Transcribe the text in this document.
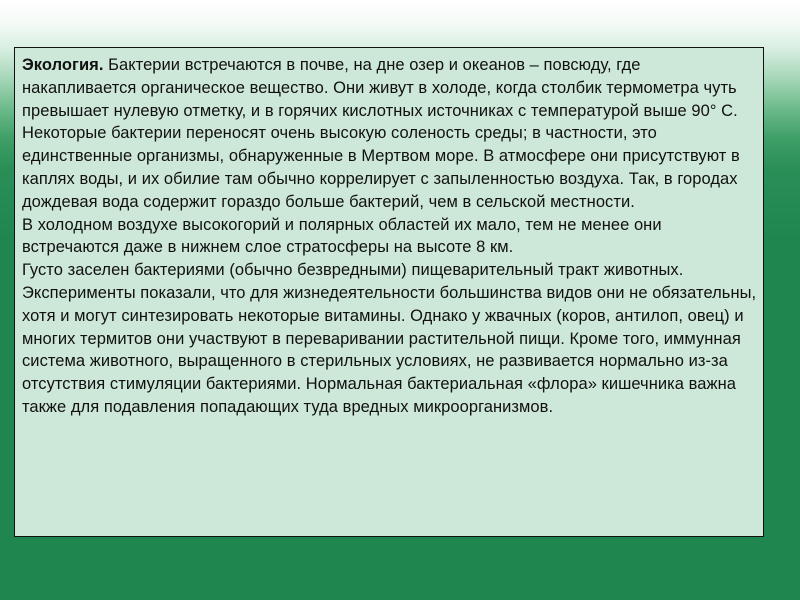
Экология. Бактерии встречаются в почве, на дне озер и океанов – повсюду, где накапливается органическое вещество. Они живут в холоде, когда столбик термометра чуть превышает нулевую отметку, и в горячих кислотных источниках с температурой выше 90° С. Некоторые бактерии переносят очень высокую соленость среды; в частности, это единственные организмы, обнаруженные в Мертвом море. В атмосфере они присутствуют в каплях воды, и их обилие там обычно коррелирует с запыленностью воздуха. Так, в городах дождевая вода содержит гораздо больше бактерий, чем в сельской местности.

В холодном воздухе высокогорий и полярных областей их мало, тем не менее они встречаются даже в нижнем слое стратосферы на высоте 8 км.

Густо заселен бактериями (обычно безвредными) пищеварительный тракт животных. Эксперименты показали, что для жизнедеятельности большинства видов они не обязательны, хотя и могут синтезировать некоторые витамины. Однако у жвачных (коров, антилоп, овец) и многих термитов они участвуют в переваривании растительной пищи. Кроме того, иммунная система животного, выращенного в стерильных условиях, не развивается нормально из-за отсутствия стимуляции бактериями. Нормальная бактериальная «флора» кишечника важна также для подавления попадающих туда вредных микроорганизмов.
